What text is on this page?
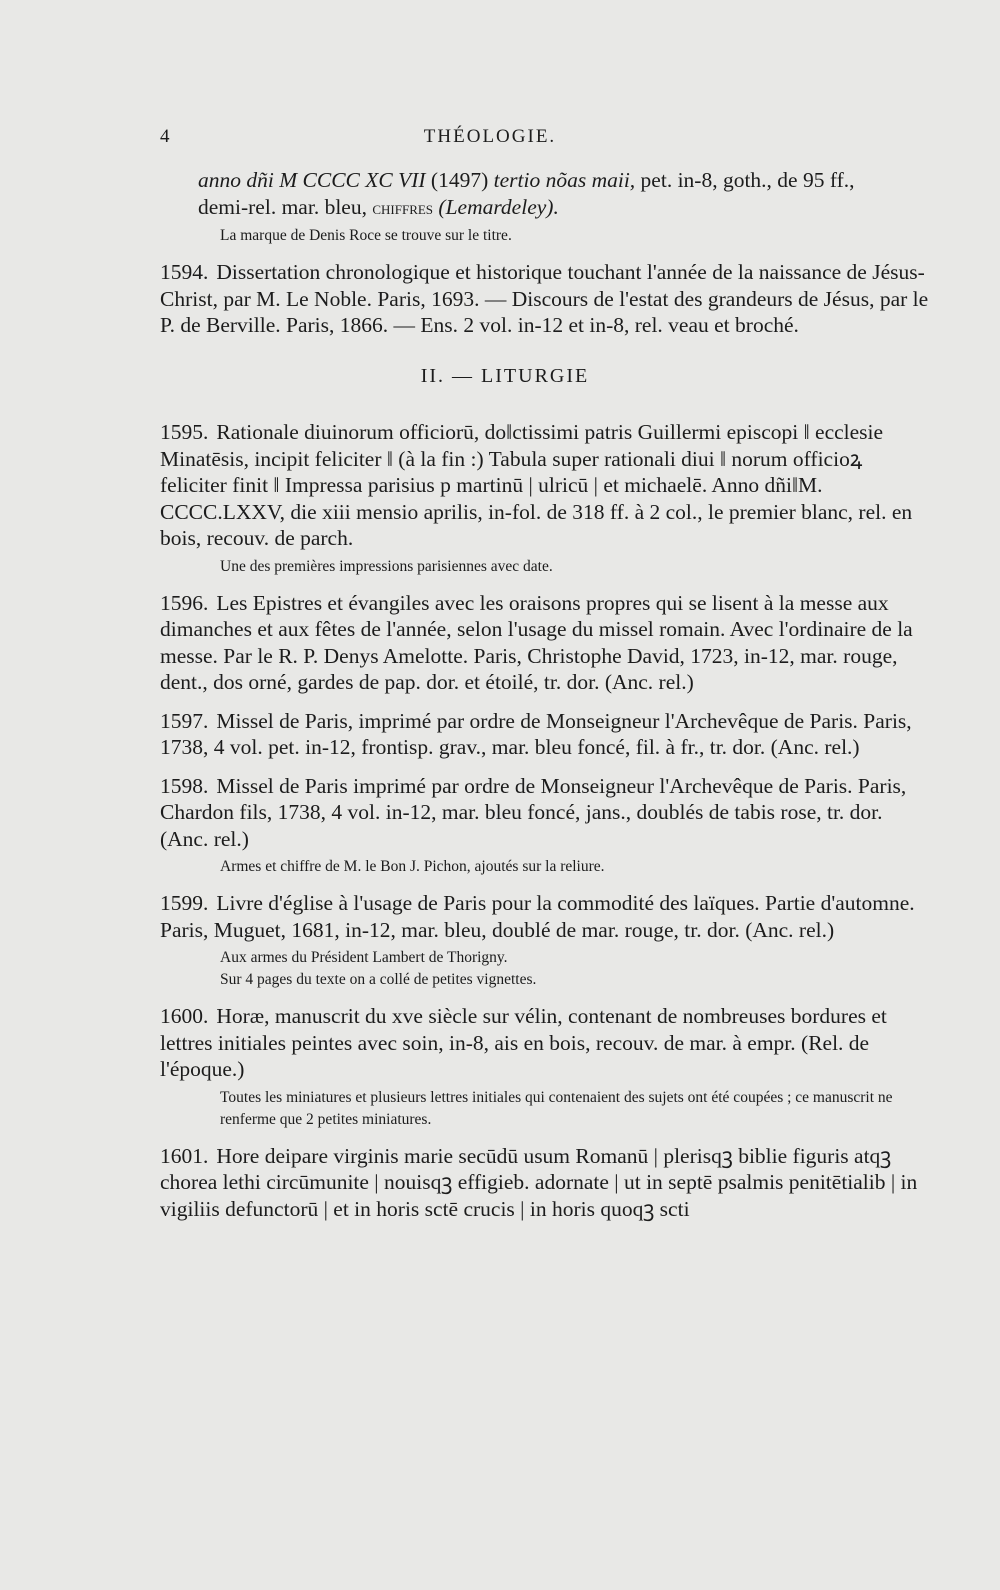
4	THÉOLOGIE.
anno dñi M CCCC XC VII (1497) tertio nõas maii, pet. in-8, goth., de 95 ff.,
demi-rel. mar. bleu, chiffres (Lemardeley).
La marque de Denis Roce se trouve sur le titre.
1594. Dissertation chronologique et historique touchant l'année de la naissance de Jésus-Christ, par M. Le Noble. Paris, 1693. — Discours de l'estat des grandeurs de Jésus, par le P. de Berville. Paris, 1866. — Ens. 2 vol. in-12 et in-8, rel. veau et broché.
II. — LITURGIE
1595. Rationale diuinorum officiorū, do‖ctissimi patris Guillermi episcopi ‖ ecclesie Minatēsis, incipit feliciter ‖ (à la fin :) Tabula super rationali diui ‖ norum officioꝝ feliciter finit ‖ Impressa parisius p martinū | ulricū | et michaelē. Anno dñi‖M. CCCC.LXXV, die xiii mensio aprilis, in-fol. de 318 ff. à 2 col., le premier blanc, rel. en bois, recouv. de parch.
Une des premières impressions parisiennes avec date.
1596. Les Epistres et évangiles avec les oraisons propres qui se lisent à la messe aux dimanches et aux fêtes de l'année, selon l'usage du missel romain. Avec l'ordinaire de la messe. Par le R. P. Denys Amelotte. Paris, Christophe David, 1723, in-12, mar. rouge, dent., dos orné, gardes de pap. dor. et étoilé, tr. dor. (Anc. rel.)
1597. Missel de Paris, imprimé par ordre de Monseigneur l'Archevêque de Paris. Paris, 1738, 4 vol. pet. in-12, frontisp. grav., mar. bleu foncé, fil. à fr., tr. dor. (Anc. rel.)
1598. Missel de Paris imprimé par ordre de Monseigneur l'Archevêque de Paris. Paris, Chardon fils, 1738, 4 vol. in-12, mar. bleu foncé, jans., doublés de tabis rose, tr. dor. (Anc. rel.)
Armes et chiffre de M. le Bon J. Pichon, ajoutés sur la reliure.
1599. Livre d'église à l'usage de Paris pour la commodité des laïques. Partie d'automne. Paris, Muguet, 1681, in-12, mar. bleu, doublé de mar. rouge, tr. dor. (Anc. rel.)
Aux armes du Président Lambert de Thorigny.
Sur 4 pages du texte on a collé de petites vignettes.
1600. Horæ, manuscrit du xve siècle sur vélin, contenant de nombreuses bordures et lettres initiales peintes avec soin, in-8, ais en bois, recouv. de mar. à empr. (Rel. de l'époque.)
Toutes les miniatures et plusieurs lettres initiales qui contenaient des sujets ont été coupées ; ce manuscrit ne renferme que 2 petites miniatures.
1601. Hore deipare virginis marie secūdū usum Romanū | plerisqꝫ biblie figuris atqꝫ chorea lethi circūmunite | nouisqꝫ effigieb. adornate | ut in septē psalmis penitētialib | in vigiliis defunctorū | et in horis sctē crucis | in horis quoqꝫ scti
